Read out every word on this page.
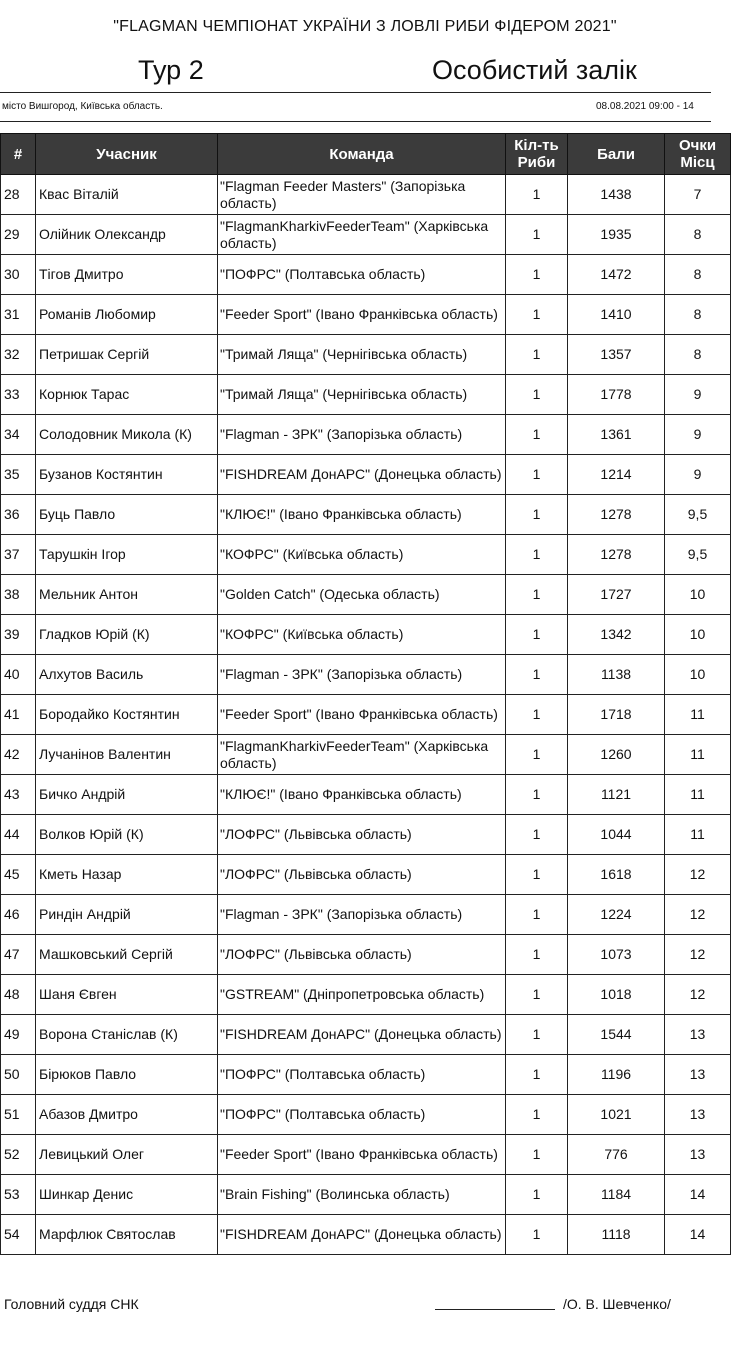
"FLAGMAN ЧЕМПІОНАТ УКРАЇНИ З ЛОВЛІ РИБИ ФІДЕРОМ 2021"
Тур 2	Особистий залік
місто Вишгород, Київська область.	08.08.2021 09:00 - 14
#	Учасник	Команда	Кіл-ть Риби	Бали	Очки Місц
28	Квас Віталій	"Flagman Feeder Masters" (Запорізька область)	1	1438	7
29	Олійник Олександр	"FlagmanKharkivFeederTeam" (Харківська область)	1	1935	8
30	Тігов Дмитро	"ПОФРС" (Полтавська область)	1	1472	8
31	Романів Любомир	"Feeder Sport" (Івано Франківська область)	1	1410	8
32	Петришак Сергій	"Тримай Ляща" (Чернігівська область)	1	1357	8
33	Корнюк Тарас	"Тримай Ляща" (Чернігівська область)	1	1778	9
34	Солодовник Микола (К)	"Flagman - ЗРК" (Запорізька область)	1	1361	9
35	Бузанов Костянтин	"FISHDREAM ДонАРС" (Донецька область)	1	1214	9
36	Буць Павло	"КЛЮЄ!" (Івано Франківська область)	1	1278	9,5
37	Тарушкін Ігор	"КОФРС" (Київська область)	1	1278	9,5
38	Мельник Антон	"Golden Catch" (Одеська область)	1	1727	10
39	Гладков Юрій (К)	"КОФРС" (Київська область)	1	1342	10
40	Алхутов Василь	"Flagman - ЗРК" (Запорізька область)	1	1138	10
41	Бородайко Костянтин	"Feeder Sport" (Івано Франківська область)	1	1718	11
42	Лучанінов Валентин	"FlagmanKharkivFeederTeam" (Харківська область)	1	1260	11
43	Бичко Андрій	"КЛЮЄ!" (Івано Франківська область)	1	1121	11
44	Волков Юрій (К)	"ЛОФРС" (Львівська область)	1	1044	11
45	Кметь Назар	"ЛОФРС" (Львівська область)	1	1618	12
46	Риндін Андрій	"Flagman - ЗРК" (Запорізька область)	1	1224	12
47	Машковський Сергій	"ЛОФРС" (Львівська область)	1	1073	12
48	Шаня Євген	"GSTREAM" (Дніпропетровська область)	1	1018	12
49	Ворона Станіслав (К)	"FISHDREAM ДонАРС" (Донецька область)	1	1544	13
50	Бірюков Павло	"ПОФРС" (Полтавська область)	1	1196	13
51	Абазов Дмитро	"ПОФРС" (Полтавська область)	1	1021	13
52	Левицький Олег	"Feeder Sport" (Івано Франківська область)	1	776	13
53	Шинкар Денис	"Brain Fishing" (Волинська область)	1	1184	14
54	Марфлюк Святослав	"FISHDREAM ДонАРС" (Донецька область)	1	1118	14
Головний суддя СНК	/О. В. Шевченко/
